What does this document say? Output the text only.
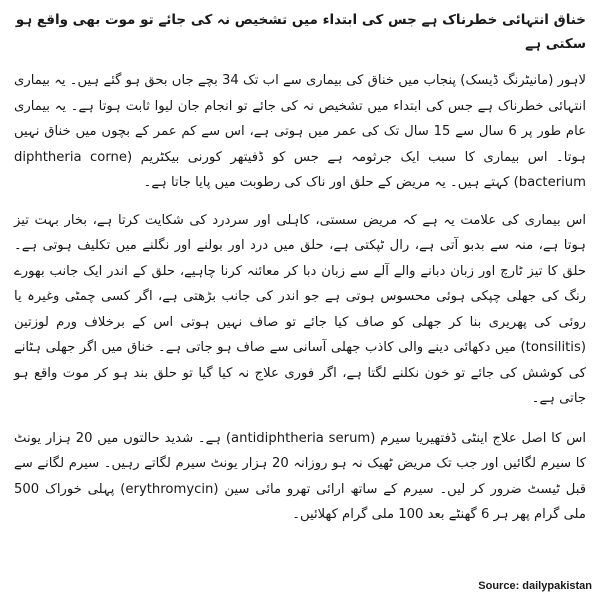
خناق انتہائی خطرناک ہے جس کی ابتداء میں تشخیص نہ کی جائے تو موت بھی واقع ہو سکتی ہے
لاہور (مانیٹرنگ ڈیسک) پنجاب میں خناق کی بیماری سے اب تک 34 بچے جاں بحق ہو گئے ہیں۔ یہ بیماری انتہائی خطرناک ہے جس کی ابتداء میں تشخیص نہ کی جائے تو انجام جان لیوا ثابت ہوتا ہے۔ یہ بیماری عام طور پر 6 سال سے 15 سال تک کی عمر میں ہوتی ہے، اس سے کم عمر کے بچوں میں خناق نہیں ہوتا۔ اس بیماری کا سبب ایک جرثومہ ہے جس کو ڈفیتھر کورنی بیکٹریم (diphtheria corne bacterium) کہتے ہیں۔ یہ مریض کے حلق اور ناک کی رطوبت میں پایا جاتا ہے۔
اس بیماری کی علامت یہ ہے کہ مریض سستی، کاہلی اور سردرد کی شکایت کرتا ہے، بخار بہت تیز ہوتا ہے، منہ سے بدبو آتی ہے، رال ٹپکتی ہے، حلق میں درد اور بولنے اور نگلنے میں تکلیف ہوتی ہے۔ حلق کا تیز ٹارچ اور زبان دبانے والے آلے سے زبان دبا کر معائنہ کرنا چاہیے، حلق کے اندر ایک جانب بھورے رنگ کی جھلی چپکی ہوئی محسوس ہوتی ہے جو اندر کی جانب بڑھتی ہے، اگر کسی چمٹی وغیرہ یا روئی کی پھریری بنا کر جھلی کو صاف کیا جائے تو صاف نہیں ہوتی اس کے برخلاف ورم لوزتین (tonsilitis) میں دکھائی دینے والی کاذب جھلی آسانی سے صاف ہو جاتی ہے۔ خناق میں اگر جھلی ہٹانے کی کوشش کی جائے تو خون نکلنے لگتا ہے، اگر فوری علاج نہ کیا گیا تو حلق بند ہو کر موت واقع ہو جاتی ہے۔
اس کا اصل علاج اینٹی ڈفتھیریا سیرم (antidiphtheria serum) ہے۔ شدید حالتوں میں 20 ہزار یونٹ کا سیرم لگائیں اور جب تک مریض ٹھیک نہ ہو روزانہ 20 ہزار یونٹ سیرم لگاتے رہیں۔ سیرم لگانے سے قبل ٹیسٹ ضرور کر لیں۔ سیرم کے ساتھ ارائی تھرو مائی سین (erythromycin) پہلی خوراک 500 ملی گرام پھر ہر 6 گھنٹے بعد 100 ملی گرام کھلائیں۔
Source: dailypakistan
